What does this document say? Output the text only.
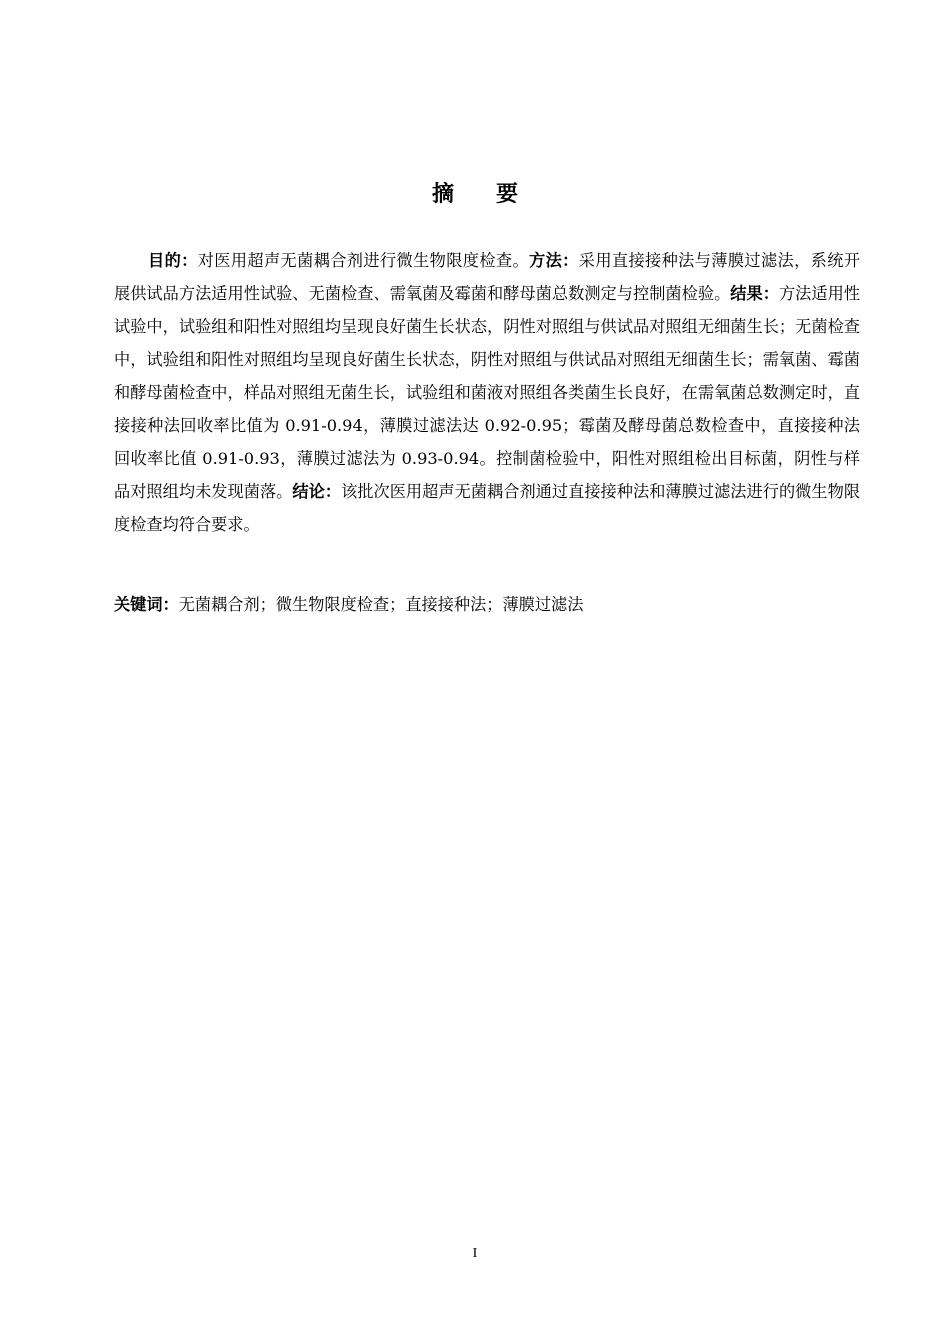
摘要

目的：对医用超声无菌耦合剂进行微生物限度检查。方法：采用直接接种法与薄膜过滤法，系统开展供试品方法适用性试验、无菌检查、需氧菌及霉菌和酵母菌总数测定与控制菌检验。结果：方法适用性试验中，试验组和阳性对照组均呈现良好菌生长状态，阴性对照组与供试品对照组无细菌生长；无菌检查中，试验组和阳性对照组均呈现良好菌生长状态，阴性对照组与供试品对照组无细菌生长；需氧菌、霉菌和酵母菌检查中，样品对照组无菌生长，试验组和菌液对照组各类菌生长良好，在需氧菌总数测定时，直接接种法回收率比值为 0.91-0.94，薄膜过滤法达 0.92-0.95；霉菌及酵母菌总数检查中，直接接种法回收率比值 0.91-0.93，薄膜过滤法为 0.93-0.94。控制菌检验中，阳性对照组检出目标菌，阴性与样品对照组均未发现菌落。结论：该批次医用超声无菌耦合剂通过直接接种法和薄膜过滤法进行的微生物限度检查均符合要求。

关键词：无菌耦合剂；微生物限度检查；直接接种法；薄膜过滤法

I
